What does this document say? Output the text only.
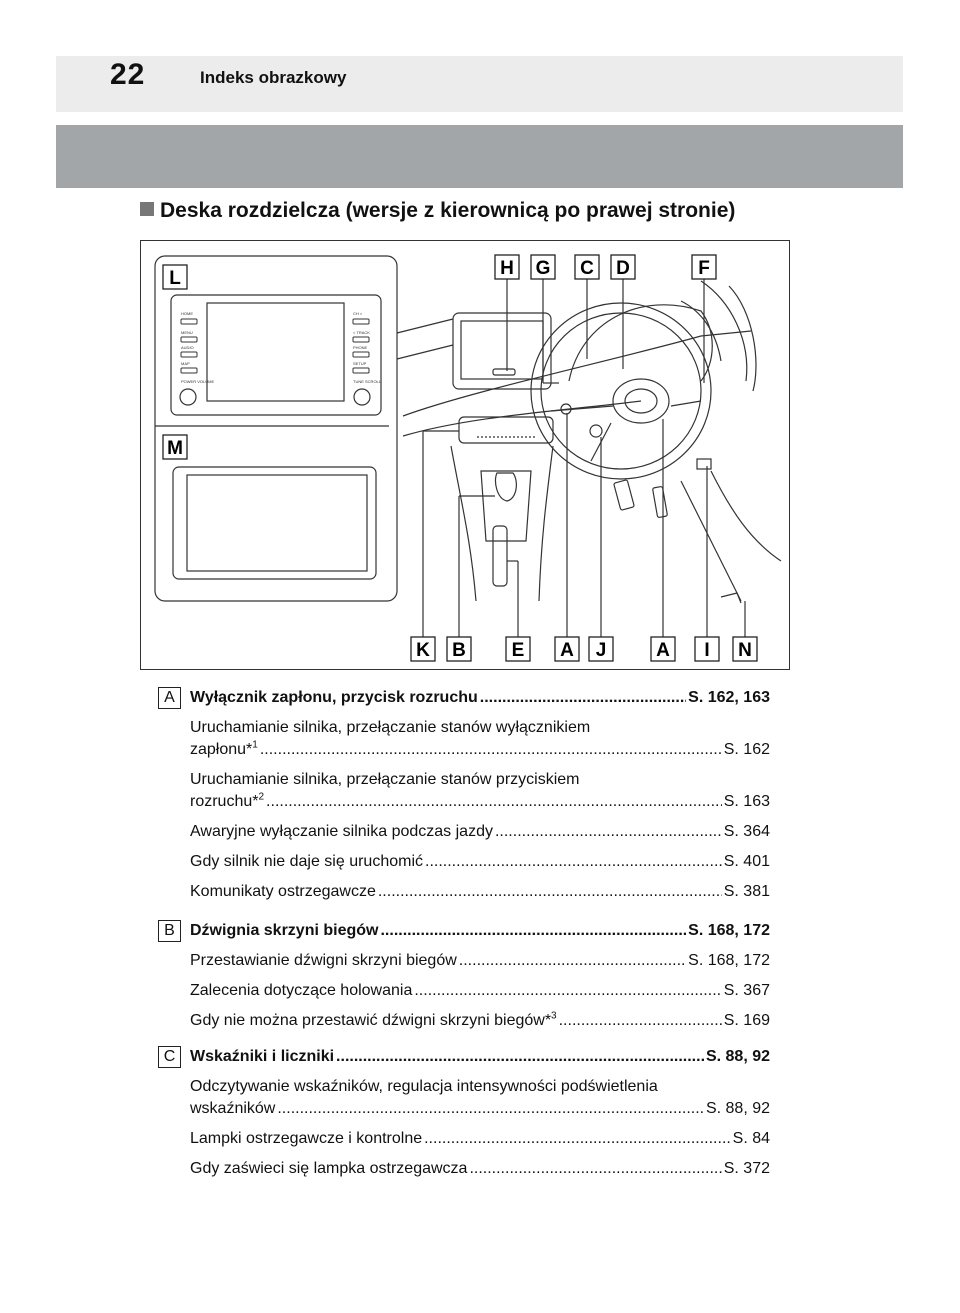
22	Indeks obrazkowy
Deska rozdzielcza (wersje z kierownicą po prawej stronie)
HOME
MENU
AUDIO
MAP
POWER VOLUME
CH >
< TRACK
PHONE
SETUP
TUNE SCROLL
H G C D	F
K B E A J	A I N
L
M
A Wyłącznik zapłonu, przycisk rozruchu .....	S. 162, 163
Uruchamianie silnika, przełączanie stanów wyłącznikiem
zapłonu*$^1$ .....	S. 162
Uruchamianie silnika, przełączanie stanów przyciskiem
rozruchu*$^2$ .....	S. 163
Awaryjne wyłączanie silnika podczas jazdy .....	S. 364
Gdy silnik nie daje się uruchomić .....	S. 401
Komunikaty ostrzegawcze .....	S. 381
B Dźwignia skrzyni biegów .....	S. 168, 172
Przestawianie dźwigni skrzyni biegów .....	S. 168, 172
Zalecenia dotyczące holowania .....	S. 367
Gdy nie można przestawić dźwigni skrzyni biegów*$^3$ .....	S. 169
C Wskaźniki i liczniki .....	S. 88, 92
Odczytywanie wskaźników, regulacja intensywności podświetlenia
wskaźników .....	S. 88, 92
Lampki ostrzegawcze i kontrolne .....	S. 84
Gdy zaświeci się lampka ostrzegawcza .....	S. 372
